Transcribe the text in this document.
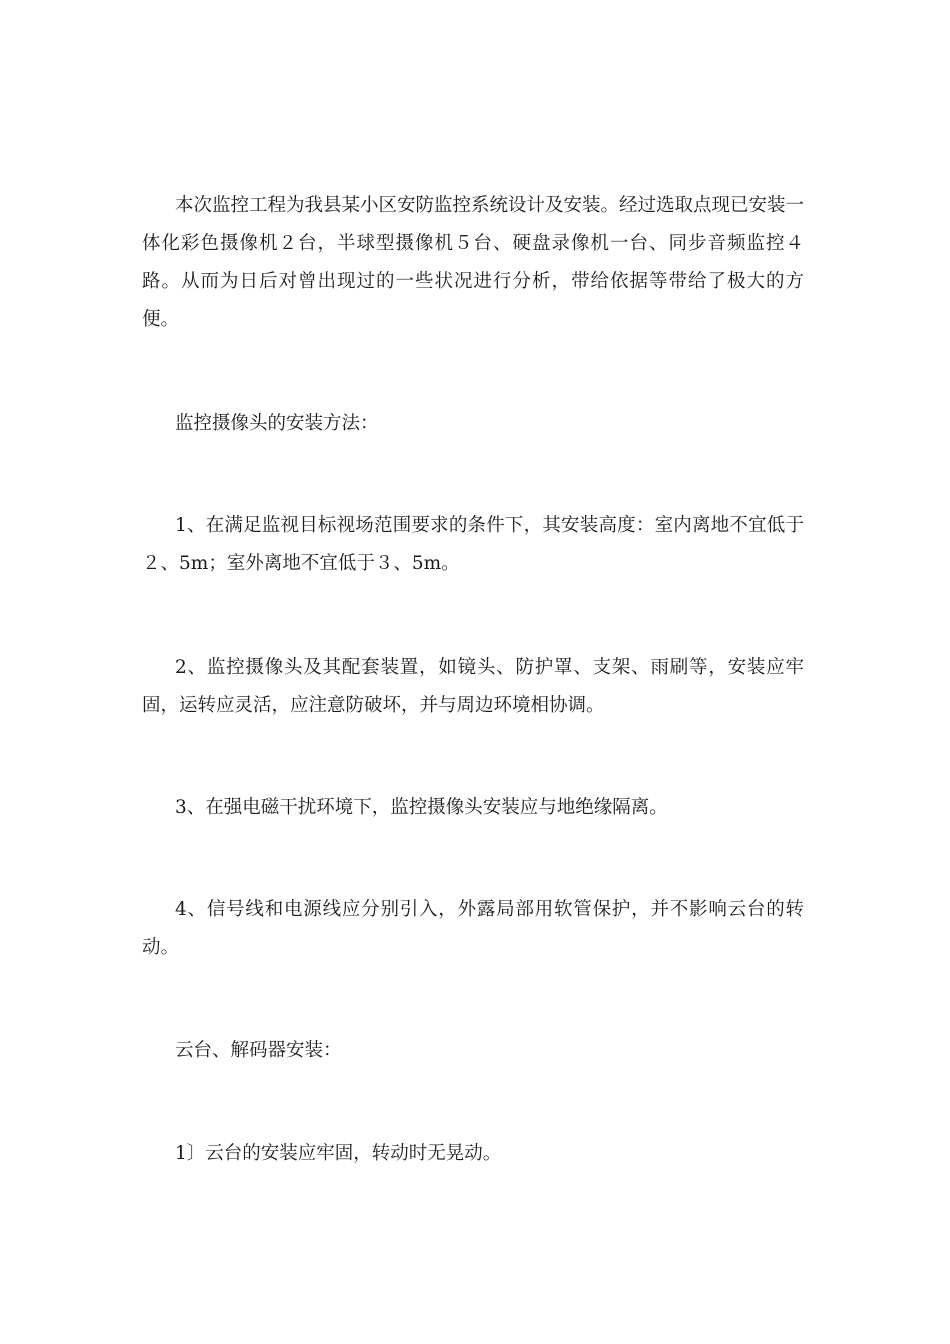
本次监控工程为我县某小区安防监控系统设计及安装。经过选取点现已安装一体化彩色摄像机２台，半球型摄像机５台、硬盘录像机一台、同步音频监控４路。从而为日后对曾出现过的一些状况进行分析，带给依据等带给了极大的方便。

监控摄像头的安装方法：

1、在满足监视目标视场范围要求的条件下，其安装高度：室内离地不宜低于２、5m；室外离地不宜低于３、5m。

2、监控摄像头及其配套装置，如镜头、防护罩、支架、雨刷等，安装应牢固，运转应灵活，应注意防破坏，并与周边环境相协调。

3、在强电磁干扰环境下，监控摄像头安装应与地绝缘隔离。

4、信号线和电源线应分别引入，外露局部用软管保护，并不影响云台的转动。

云台、解码器安装：

1〕云台的安装应牢固，转动时无晃动。
